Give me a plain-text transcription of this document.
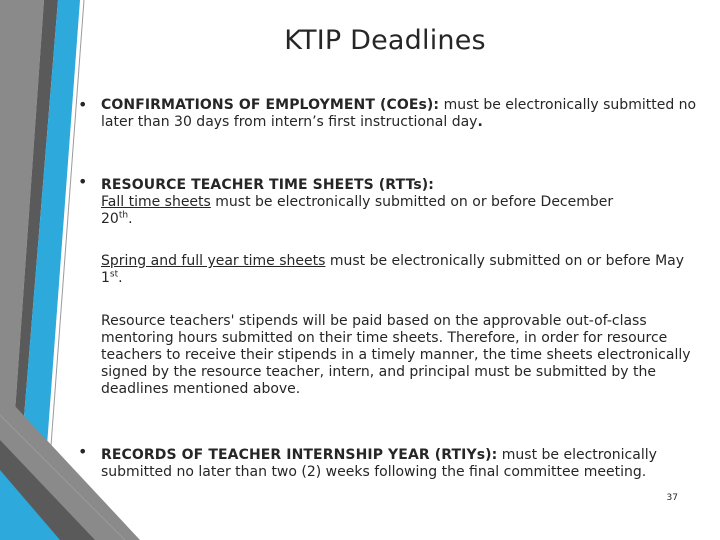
KTIP Deadlines
• CONFIRMATIONS OF EMPLOYMENT (COEs): must be electronically submitted no later than 30 days from intern’s first instructional day.
• RESOURCE TEACHER TIME SHEETS (RTTs):
Fall time sheets must be electronically submitted on or before December 20th.
Spring and full year time sheets must be electronically submitted on or before May 1st.
Resource teachers' stipends will be paid based on the approvable out-of-class mentoring hours submitted on their time sheets. Therefore, in order for resource teachers to receive their stipends in a timely manner, the time sheets electronically signed by the resource teacher, intern, and principal must be submitted by the deadlines mentioned above.
• RECORDS OF TEACHER INTERNSHIP YEAR (RTIYs): must be electronically submitted no later than two (2) weeks following the final committee meeting.
37
